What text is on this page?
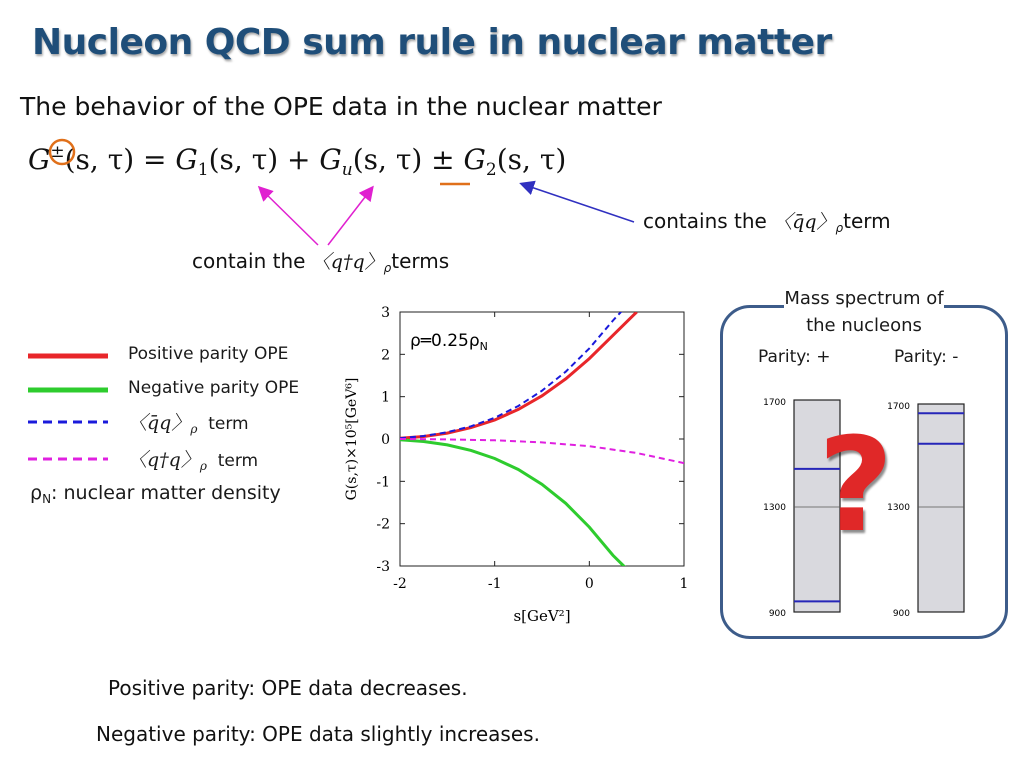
Nucleon QCD sum rule in nuclear matter
The behavior of the OPE data in the nuclear matter
G±(s, $\tau) = G_1(s$, $\tau) + G_u(s$, $\tau) \pm G_2(s$, τ)
contains the 〈q̄q〉$_\rho$term
contain the 〈q†q〉$_\rho$terms
Positive parity OPE
Negative parity OPE
〈q̄q〉$_\rho$ term
〈q†q〉$_\rho$ term
$\rho_N$: nuclear matter density
3
2
1
0
-1
-2
-3
-2	-1	0	1
s[GeV²]
G(s,τ)×10⁵[GeV⁶]
$\rho═0.25\rho_N$
Mass spectrum of
the nucleons
Parity: +	Parity: -
1700
1300
900
1700
1300
900
?
Positive parity: OPE data decreases.
Negative parity: OPE data slightly increases.
